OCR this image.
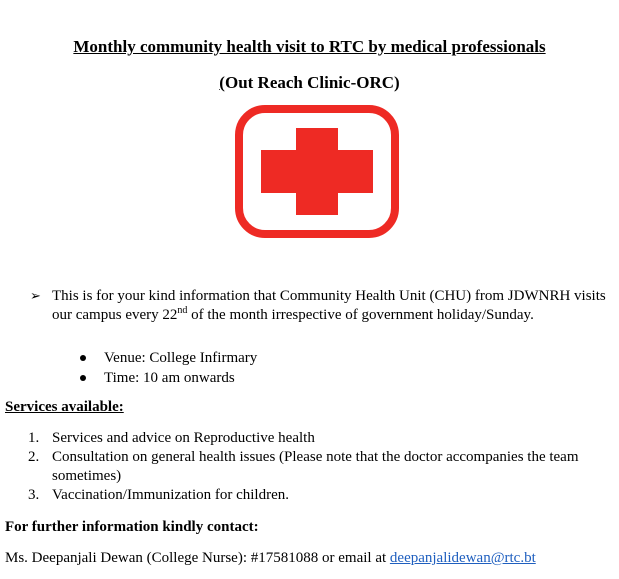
Monthly community health visit to RTC by medical professionals
(Out Reach Clinic-ORC)
➢ This is for your kind information that Community Health Unit (CHU) from JDWNRH visits our campus every 22nd of the month irrespective of government holiday/Sunday.
Venue: College Infirmary
Time: 10 am onwards
Services available:
1. Services and advice on Reproductive health
2. Consultation on general health issues (Please note that the doctor accompanies the team sometimes)
3. Vaccination/Immunization for children.
For further information kindly contact:
Ms. Deepanjali Dewan (College Nurse): #17581088 or email at deepanjalidewan@rtc.bt
